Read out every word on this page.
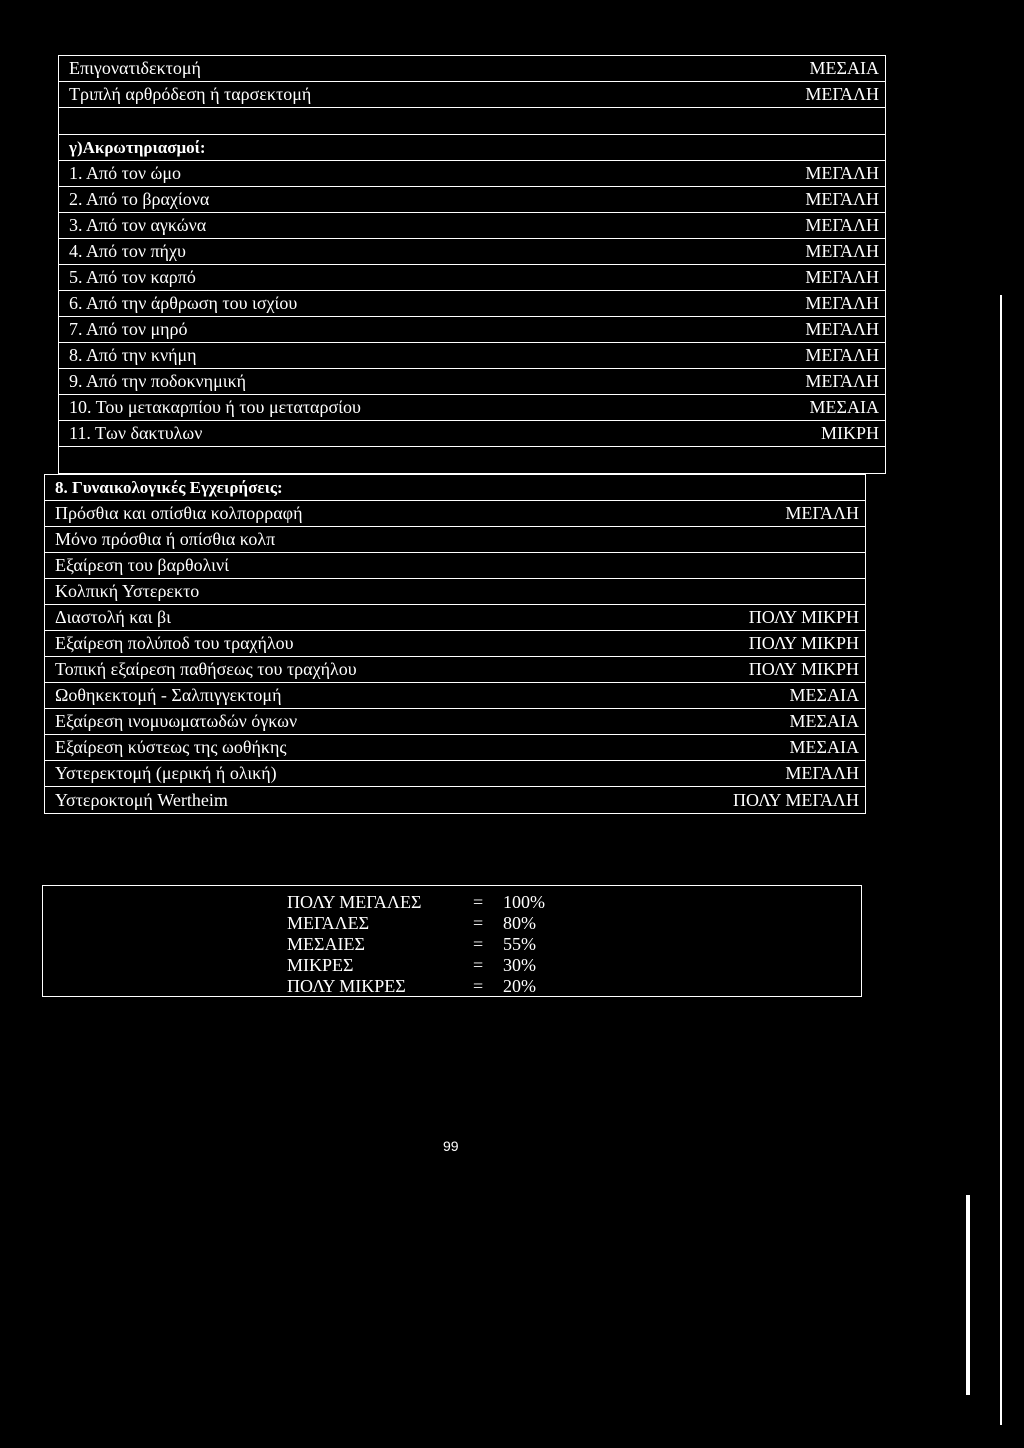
Επιγονατιδεκτομή	ΜΕΣΑΙΑ
Τριπλή αρθρόδεση ή ταρσεκτομή	ΜΕΓΑΛΗ
γ)Ακρωτηριασμοί:
1. Από τον ώμο	ΜΕΓΑΛΗ
2. Από το βραχίονα	ΜΕΓΑΛΗ
3. Από τον αγκώνα	ΜΕΓΑΛΗ
4. Από τον πήχυ	ΜΕΓΑΛΗ
5. Από τον καρπό	ΜΕΓΑΛΗ
6. Από την άρθρωση του ισχίου	ΜΕΓΑΛΗ
7. Από τον μηρό	ΜΕΓΑΛΗ
8. Από την κνήμη	ΜΕΓΑΛΗ
9. Από την ποδοκνημική	ΜΕΓΑΛΗ
10. Του μετακαρπίου ή του μεταταρσίου	ΜΕΣΑΙΑ
11. Των δακτυλων	ΜΙΚΡΗ
8. Γυναικολογικές Εγχειρήσεις:
Πρόσθια και οπίσθια κολπορραφή	ΜΕΓΑΛΗ
Μόνο πρόσθια ή οπίσθια κολπ
Εξαίρεση του βαρθολινί
Κολπική Υστερεκτο
Διαστολή και βι	ΠΟΛΥ ΜΙΚΡΗ
Εξαίρεση πολύποδ του τραχήλου	ΠΟΛΥ ΜΙΚΡΗ
Τοπική εξαίρεση παθήσεως του τραχήλου	ΠΟΛΥ ΜΙΚΡΗ
Ωοθηκεκτομή - Σαλπιγγεκτομή	ΜΕΣΑΙΑ
Εξαίρεση ινομυωματωδών όγκων	ΜΕΣΑΙΑ
Εξαίρεση κύστεως της ωοθήκης	ΜΕΣΑΙΑ
Υστερεκτομή (μερική ή ολική)	ΜΕΓΑΛΗ
Υστεροκτομή Wertheim	ΠΟΛΥ ΜΕΓΑΛΗ
ΠΟΛΥ ΜΕΓΑΛΕΣ	=	100%
ΜΕΓΑΛΕΣ	=	80%
ΜΕΣΑΙΕΣ	=	55%
ΜΙΚΡΕΣ	=	30%
ΠΟΛΥ ΜΙΚΡΕΣ	=	20%
99
